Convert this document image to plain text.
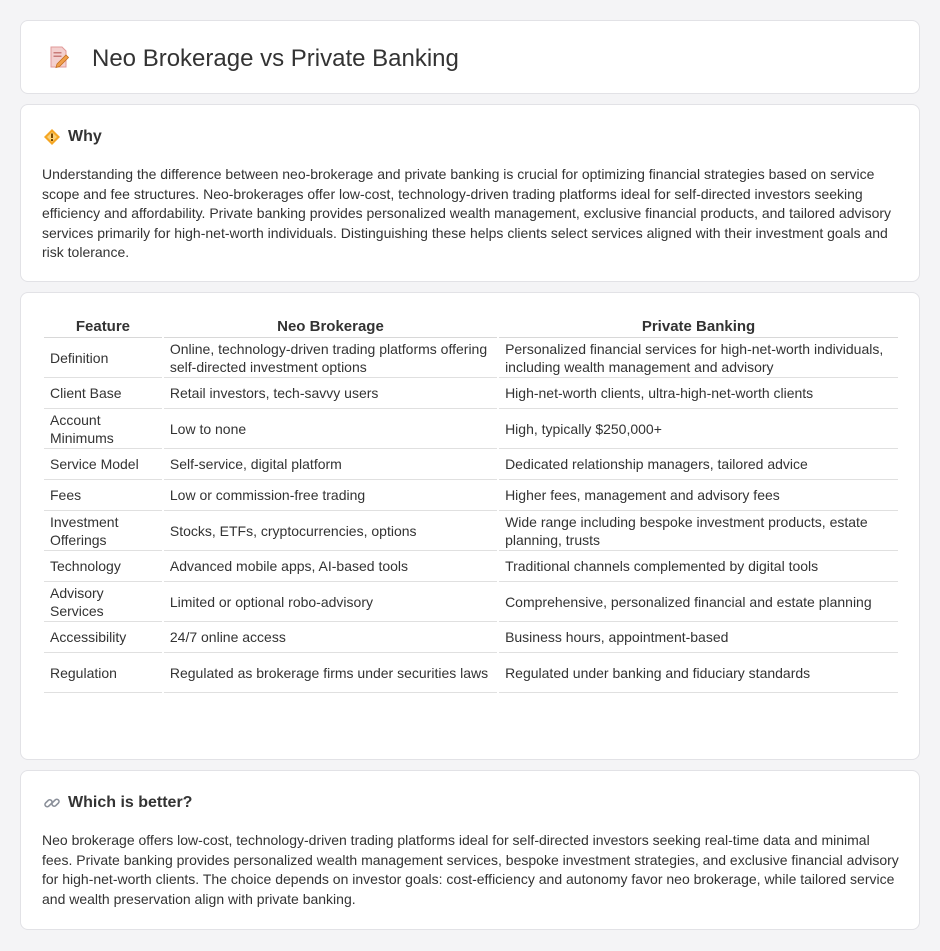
Neo Brokerage vs Private Banking
Why

Understanding the difference between neo-brokerage and private banking is crucial for optimizing financial strategies based on service scope and fee structures. Neo-brokerages offer low-cost, technology-driven trading platforms ideal for self-directed investors seeking efficiency and affordability. Private banking provides personalized wealth management, exclusive financial products, and tailored advisory services primarily for high-net-worth individuals. Distinguishing these helps clients select services aligned with their investment goals and risk tolerance.

Feature	Neo Brokerage	Private Banking
Definition	Online, technology-driven trading platforms offering self-directed investment options	Personalized financial services for high-net-worth individuals, including wealth management and advisory
Client Base	Retail investors, tech-savvy users	High-net-worth clients, ultra-high-net-worth clients
Account Minimums	Low to none	High, typically $250,000+
Service Model	Self-service, digital platform	Dedicated relationship managers, tailored advice
Fees	Low or commission-free trading	Higher fees, management and advisory fees
Investment Offerings	Stocks, ETFs, cryptocurrencies, options	Wide range including bespoke investment products, estate planning, trusts
Technology	Advanced mobile apps, AI-based tools	Traditional channels complemented by digital tools
Advisory Services	Limited or optional robo-advisory	Comprehensive, personalized financial and estate planning
Accessibility	24/7 online access	Business hours, appointment-based
Regulation	Regulated as brokerage firms under securities laws	Regulated under banking and fiduciary standards
Which is better?

Neo brokerage offers low-cost, technology-driven trading platforms ideal for self-directed investors seeking real-time data and minimal fees. Private banking provides personalized wealth management services, bespoke investment strategies, and exclusive financial advisory for high-net-worth clients. The choice depends on investor goals: cost-efficiency and autonomy favor neo brokerage, while tailored service and wealth preservation align with private banking.
